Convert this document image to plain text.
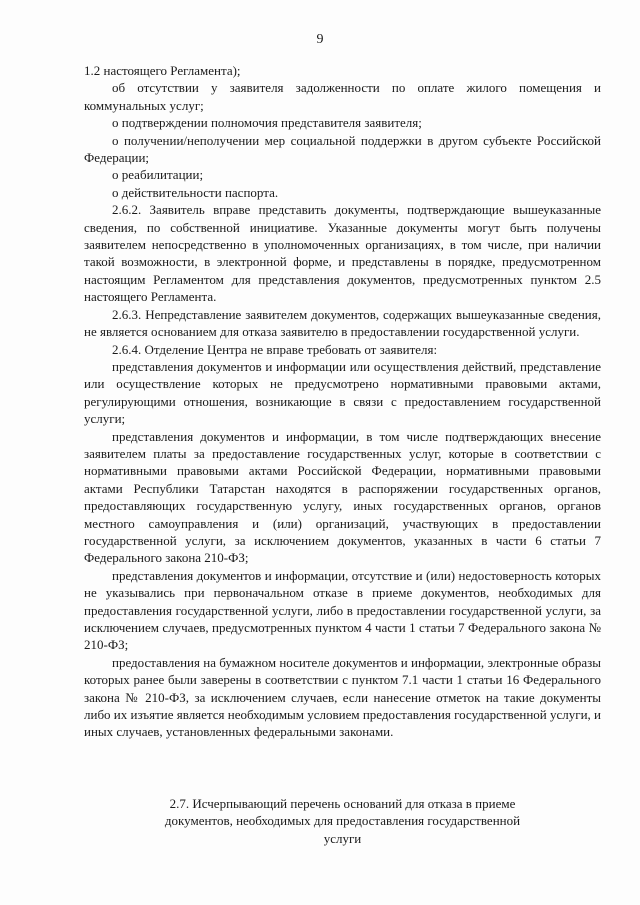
9

1.2 настоящего Регламента);

об отсутствии у заявителя задолженности по оплате жилого помещения и коммунальных услуг;

о подтверждении полномочия представителя заявителя;

о получении/неполучении мер социальной поддержки в другом субъекте Российской Федерации;

о реабилитации;

о действительности паспорта.

2.6.2. Заявитель вправе представить документы, подтверждающие вышеуказанные сведения, по собственной инициативе. Указанные документы могут быть получены заявителем непосредственно в уполномоченных организациях, в том числе, при наличии такой возможности, в электронной форме, и представлены в порядке, предусмотренном настоящим Регламентом для представления документов, предусмотренных пунктом 2.5 настоящего Регламента.

2.6.3. Непредставление заявителем документов, содержащих вышеуказанные сведения, не является основанием для отказа заявителю в предоставлении государственной услуги.

2.6.4. Отделение Центра не вправе требовать от заявителя:

представления документов и информации или осуществления действий, представление или осуществление которых не предусмотрено нормативными правовыми актами, регулирующими отношения, возникающие в связи с предоставлением государственной услуги;

представления документов и информации, в том числе подтверждающих внесение заявителем платы за предоставление государственных услуг, которые в соответствии с нормативными правовыми актами Российской Федерации, нормативными правовыми актами Республики Татарстан находятся в распоряжении государственных органов, предоставляющих государственную услугу, иных государственных органов, органов местного самоуправления и (или) организаций, участвующих в предоставлении государственной услуги, за исключением документов, указанных в части 6 статьи 7 Федерального закона 210-ФЗ;

представления документов и информации, отсутствие и (или) недостоверность которых не указывались при первоначальном отказе в приеме документов, необходимых для предоставления государственной услуги, либо в предоставлении государственной услуги, за исключением случаев, предусмотренных пунктом 4 части 1 статьи 7 Федерального закона № 210-ФЗ;

предоставления на бумажном носителе документов и информации, электронные образы которых ранее были заверены в соответствии с пунктом 7.1 части 1 статьи 16 Федерального закона № 210-ФЗ, за исключением случаев, если нанесение отметок на такие документы либо их изъятие является необходимым условием предоставления государственной услуги, и иных случаев, установленных федеральными законами.

2.7. Исчерпывающий перечень оснований для отказа в приеме
документов, необходимых для предоставления государственной
услуги
